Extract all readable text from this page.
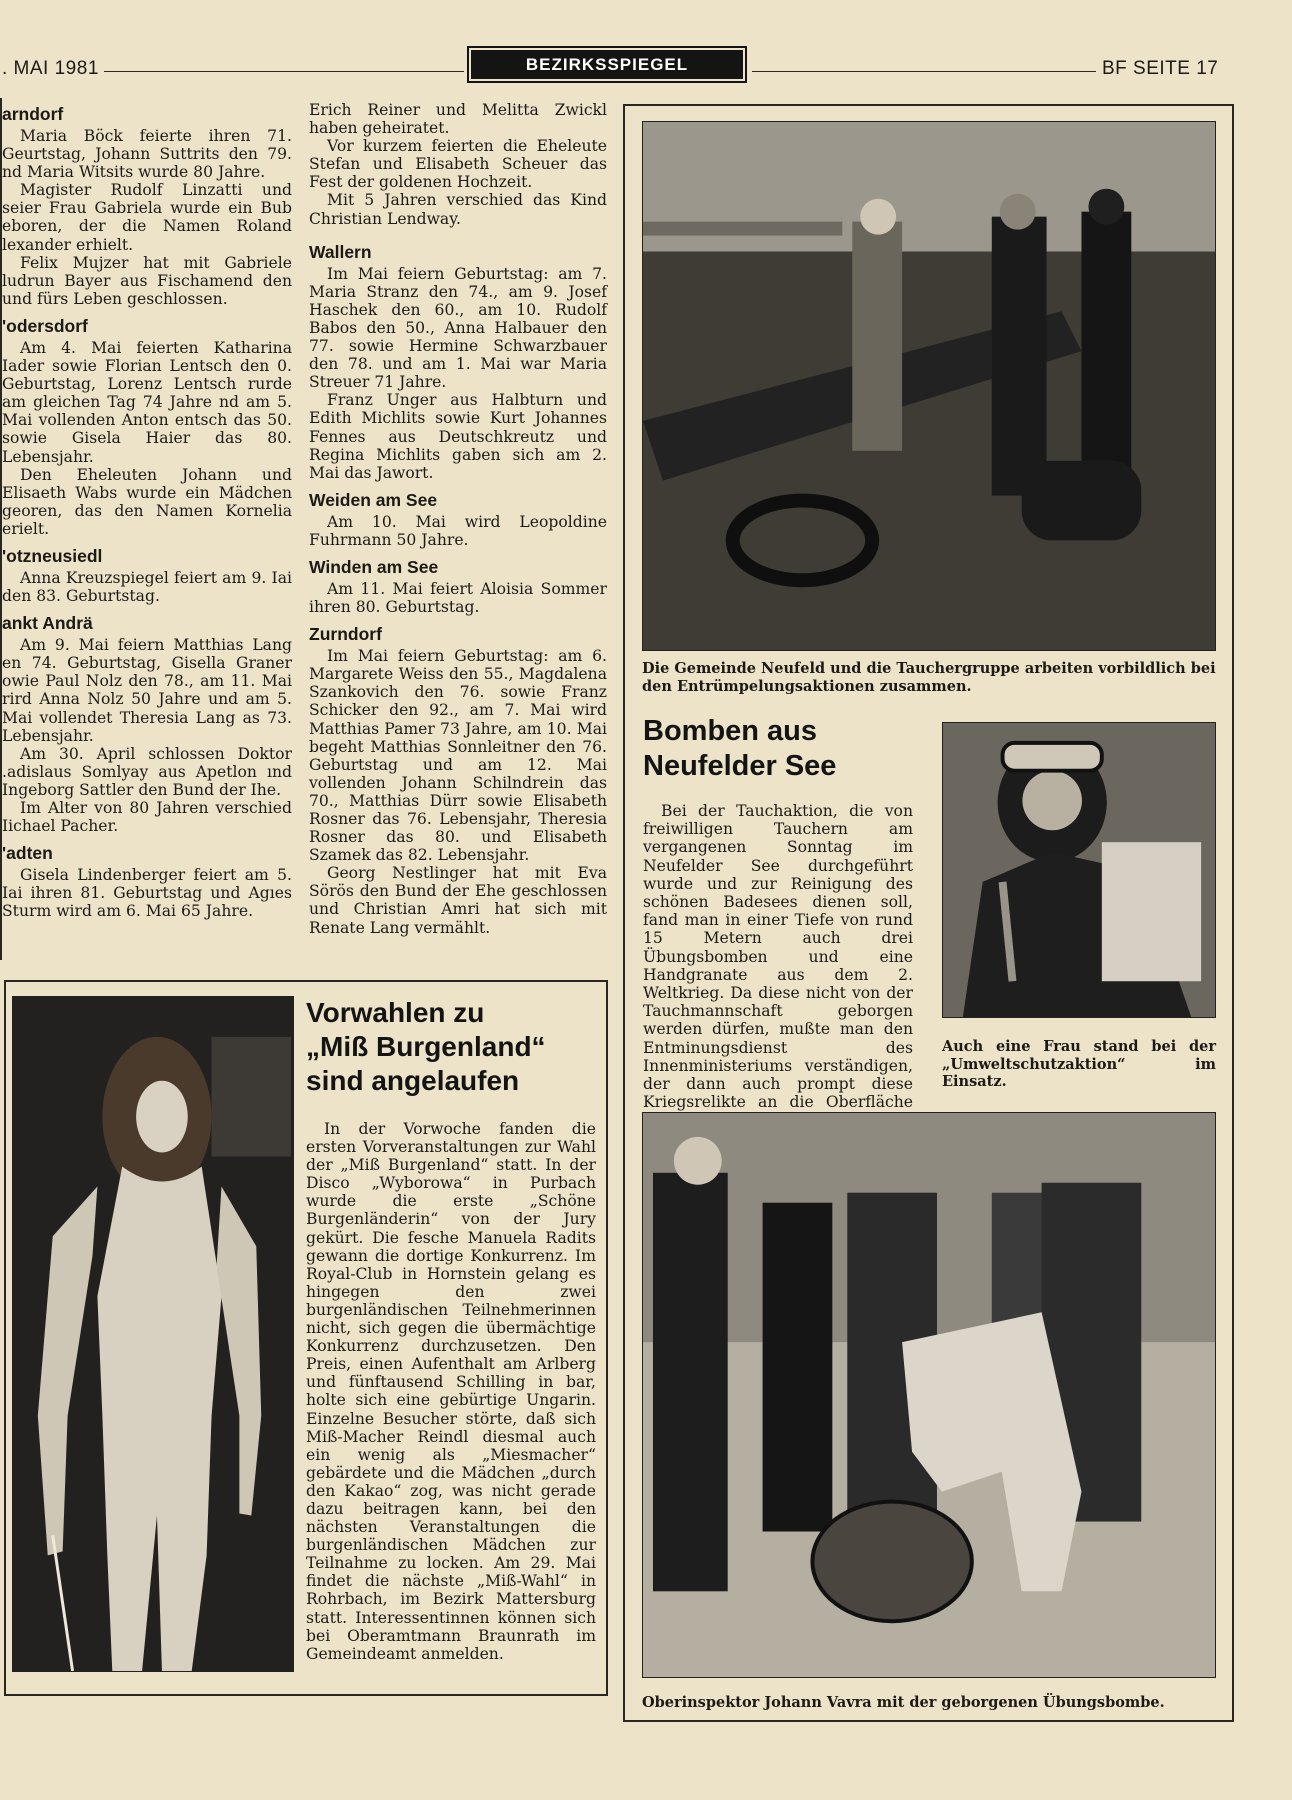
. MAI 1981	BEZIRKSSPIEGEL	BF SEITE 17
arndorf

Maria Böck feierte ihren 71. Geurtstag, Johann Suttrits den 79. nd Maria Witsits wurde 80 Jahre.

Magister Rudolf Linzatti und seier Frau Gabriela wurde ein Bub eboren, der die Namen Roland lexander erhielt.

Felix Mujzer hat mit Gabriele ludrun Bayer aus Fischamend den und fürs Leben geschlossen.

'odersdorf

Am 4. Mai feierten Katharina Iader sowie Florian Lentsch den 0. Geburtstag, Lorenz Lentsch rurde am gleichen Tag 74 Jahre nd am 5. Mai vollenden Anton entsch das 50. sowie Gisela Haier das 80. Lebensjahr.

Den Eheleuten Johann und Elisaeth Wabs wurde ein Mädchen georen, das den Namen Kornelia erielt.

'otzneusiedl

Anna Kreuzspiegel feiert am 9. Iai den 83. Geburtstag.

ankt Andrä

Am 9. Mai feiern Matthias Lang en 74. Geburtstag, Gisella Graner owie Paul Nolz den 78., am 11. Mai rird Anna Nolz 50 Jahre und am 5. Mai vollendet Theresia Lang as 73. Lebensjahr.

Am 30. April schlossen Doktor .adislaus Somlyay aus Apetlon ınd Ingeborg Sattler den Bund der Ihe.

Im Alter von 80 Jahren verschied Iichael Pacher.

'adten

Gisela Lindenberger feiert am 5. Iai ihren 81. Geburtstag und Agıes Sturm wird am 6. Mai 65 Jahre.

Erich Reiner und Melitta Zwickl haben geheiratet.

Vor kurzem feierten die Eheleute Stefan und Elisabeth Scheuer das Fest der goldenen Hochzeit.

Mit 5 Jahren verschied das Kind Christian Lendway.

Wallern

Im Mai feiern Geburtstag: am 7. Maria Stranz den 74., am 9. Josef Haschek den 60., am 10. Rudolf Babos den 50., Anna Halbauer den 77. sowie Hermine Schwarzbauer den 78. und am 1. Mai war Maria Streuer 71 Jahre.

Franz Unger aus Halbturn und Edith Michlits sowie Kurt Johannes Fennes aus Deutschkreutz und Regina Michlits gaben sich am 2. Mai das Jawort.

Weiden am See

Am 10. Mai wird Leopoldine Fuhrmann 50 Jahre.

Winden am See

Am 11. Mai feiert Aloisia Sommer ihren 80. Geburtstag.

Zurndorf

Im Mai feiern Geburtstag: am 6. Margarete Weiss den 55., Magdalena Szankovich den 76. sowie Franz Schicker den 92., am 7. Mai wird Matthias Pamer 73 Jahre, am 10. Mai begeht Matthias Sonnleitner den 76. Geburtstag und am 12. Mai vollenden Johann Schilndrein das 70., Matthias Dürr sowie Elisabeth Rosner das 76. Lebensjahr, Theresia Rosner das 80. und Elisabeth Szamek das 82. Lebensjahr.

Georg Nestlinger hat mit Eva Sörös den Bund der Ehe geschlossen und Christian Amri hat sich mit Renate Lang vermählt.

Vorwahlen zu
„Miß Burgenland“
sind angelaufen

In der Vorwoche fanden die ersten Vorveranstaltungen zur Wahl der „Miß Burgenland“ statt. In der Disco „Wyborowa“ in Purbach wurde die erste „Schöne Burgenländerin“ von der Jury gekürt. Die fesche Manuela Radits gewann die dortige Konkurrenz. Im Royal-Club in Hornstein gelang es hingegen den zwei burgenländischen Teilnehmerinnen nicht, sich gegen die übermächtige Konkurrenz durchzusetzen. Den Preis, einen Aufenthalt am Arlberg und fünftausend Schilling in bar, holte sich eine gebürtige Ungarin. Einzelne Besucher störte, daß sich Miß-Macher Reindl diesmal auch ein wenig als „Miesmacher“ gebärdete und die Mädchen „durch den Kakao“ zog, was nicht gerade dazu beitragen kann, bei den nächsten Veranstaltungen die burgenländischen Mädchen zur Teilnahme zu locken. Am 29. Mai findet die nächste „Miß-Wahl“ in Rohrbach, im Bezirk Mattersburg statt. Interessentinnen können sich bei Oberamtmann Braunrath im Gemeindeamt anmelden.

Die Gemeinde Neufeld und die Tauchergruppe arbeiten vorbildlich bei den Entrümpelungsaktionen zusammen.
Bomben aus
Neufelder See

Bei der Tauchaktion, die von freiwilligen Tauchern am vergangenen Sonntag im Neufelder See durchgeführt wurde und zur Reinigung des schönen Badesees dienen soll, fand man in einer Tiefe von rund 15 Metern auch drei Übungsbomben und eine Handgranate aus dem 2. Weltkrieg. Da diese nicht von der Tauchmannschaft geborgen werden dürfen, mußte man den Entminungsdienst des Innenministeriums verständigen, der dann auch prompt diese Kriegsrelikte an die Oberfläche

Auch eine Frau stand bei der „Umweltschutzaktion“ im Einsatz.
Oberinspektor Johann Vavra mit der geborgenen Übungsbombe.
